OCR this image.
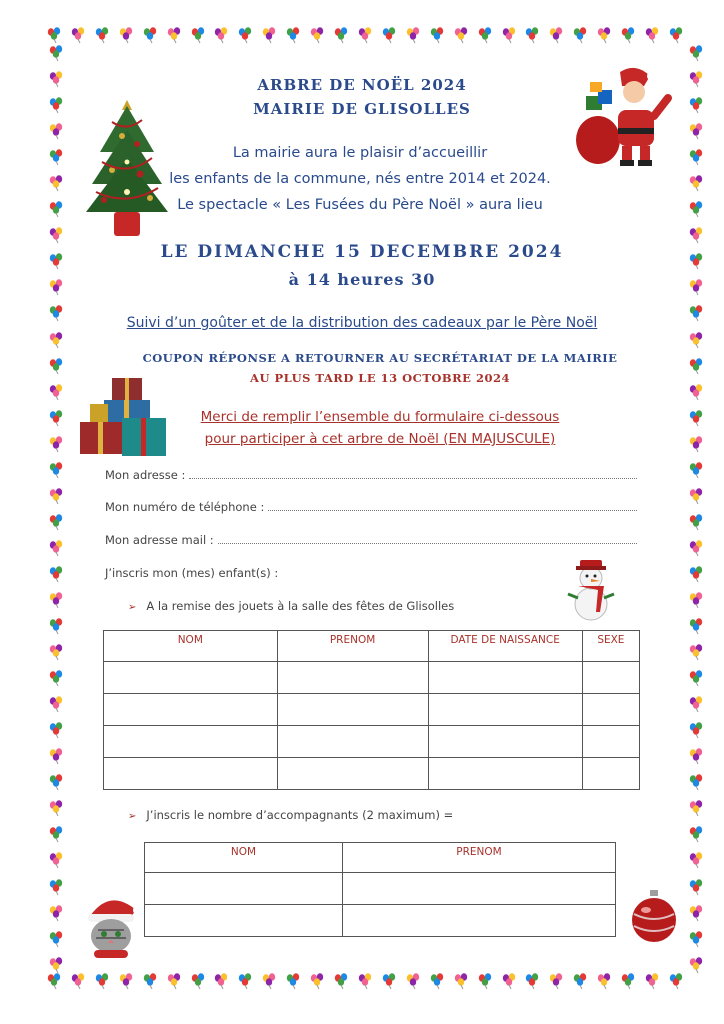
ARBRE DE NOËL 2024
MAIRIE DE GLISOLLES
La mairie aura le plaisir d’accueillir
les enfants de la commune, nés entre 2014 et 2024.
Le spectacle « Les Fusées du Père Noël » aura lieu
LE DIMANCHE 15 DECEMBRE 2024
à 14 heures 30
Suivi d’un goûter et de la distribution des cadeaux par le Père Noël
COUPON RÉPONSE A RETOURNER AU SECRÉTARIAT DE LA MAIRIE
AU PLUS TARD LE 13 OCTOBRE 2024
Merci de remplir l’ensemble du formulaire ci-dessous
pour participer à cet arbre de Noël (EN MAJUSCULE)
Mon adresse :
Mon numéro de téléphone :
Mon adresse mail :
J’inscris mon (mes) enfant(s) :
➢ A la remise des jouets à la salle des fêtes de Glisolles
NOM	PRENOM	DATE DE NAISSANCE	SEXE

➢ J’inscris le nombre d’accompagnants (2 maximum) =
NOM	PRENOM
